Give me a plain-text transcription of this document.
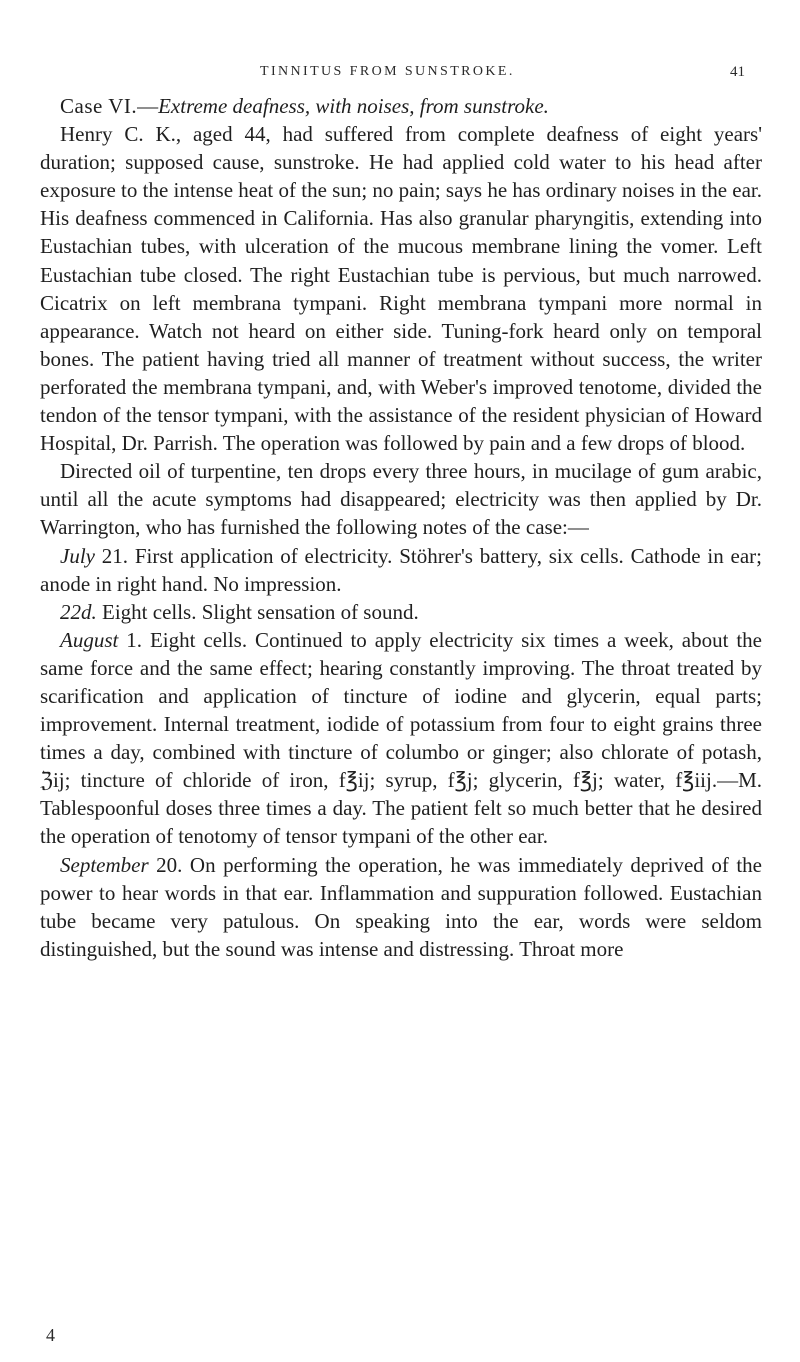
TINNITUS FROM SUNSTROKE.	41

Case VI.—Extreme deafness, with noises, from sunstroke.

Henry C. K., aged 44, had suffered from complete deafness of eight years' duration; supposed cause, sunstroke. He had applied cold water to his head after exposure to the intense heat of the sun; no pain; says he has ordinary noises in the ear. His deafness commenced in California. Has also granular pharyngitis, extending into Eustachian tubes, with ulceration of the mucous membrane lining the vomer. Left Eustachian tube closed. The right Eustachian tube is pervious, but much narrowed. Cicatrix on left membrana tympani. Right membrana tympani more normal in appearance. Watch not heard on either side. Tuning-fork heard only on temporal bones. The patient having tried all manner of treatment without success, the writer perforated the membrana tympani, and, with Weber's improved tenotome, divided the tendon of the tensor tympani, with the assistance of the resident physician of Howard Hospital, Dr. Parrish. The operation was followed by pain and a few drops of blood.

Directed oil of turpentine, ten drops every three hours, in mucilage of gum arabic, until all the acute symptoms had disappeared; electricity was then applied by Dr. Warrington, who has furnished the following notes of the case:—

July 21. First application of electricity. Stöhrer's battery, six cells. Cathode in ear; anode in right hand. No impression.

22d. Eight cells. Slight sensation of sound.

August 1. Eight cells. Continued to apply electricity six times a week, about the same force and the same effect; hearing constantly improving. The throat treated by scarification and application of tincture of iodine and glycerin, equal parts; improvement. Internal treatment, iodide of potassium from four to eight grains three times a day, combined with tincture of columbo or ginger; also chlorate of potash, ℨij; tincture of chloride of iron, f℥ij; syrup, f℥j; glycerin, f℥j; water, f℥iij.—M. Tablespoonful doses three times a day. The patient felt so much better that he desired the operation of tenotomy of tensor tympani of the other ear.

September 20. On performing the operation, he was immediately deprived of the power to hear words in that ear. Inflammation and suppuration followed. Eustachian tube became very patulous. On speaking into the ear, words were seldom distinguished, but the sound was intense and distressing. Throat more

4
